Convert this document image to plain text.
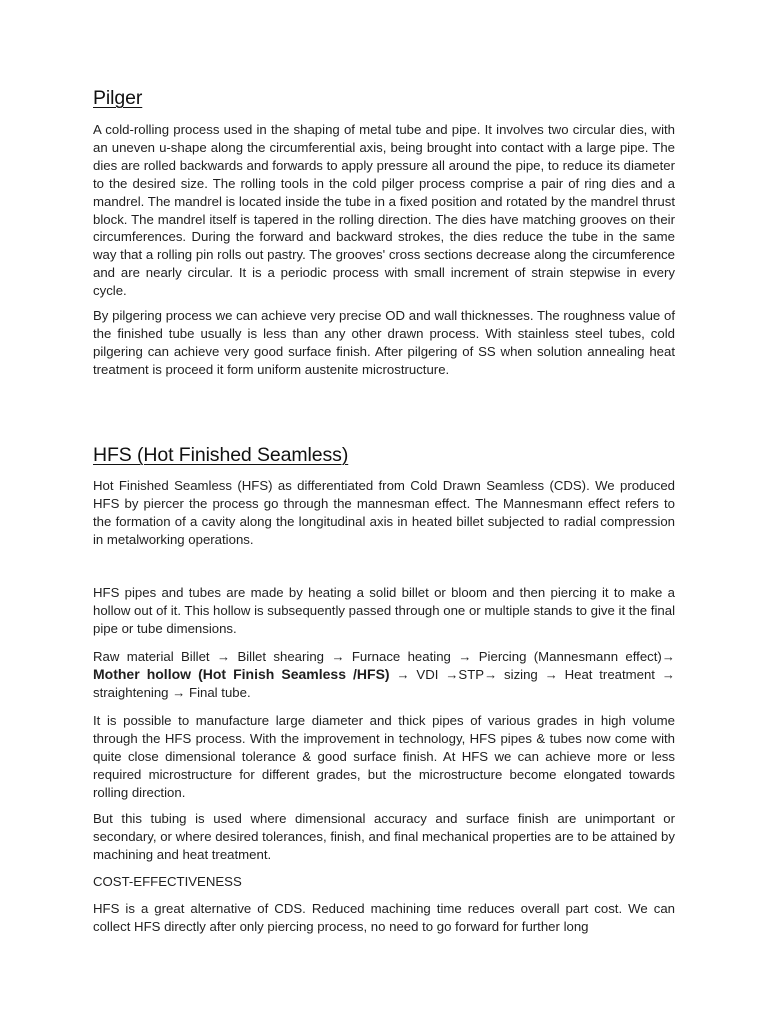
Pilger

A cold-rolling process used in the shaping of metal tube and pipe. It involves two circular dies, with an uneven u-shape along the circumferential axis, being brought into contact with a large pipe. The dies are rolled backwards and forwards to apply pressure all around the pipe, to reduce its diameter to the desired size. The rolling tools in the cold pilger process comprise a pair of ring dies and a mandrel. The mandrel is located inside the tube in a fixed position and rotated by the mandrel thrust block. The mandrel itself is tapered in the rolling direction. The dies have matching grooves on their circumferences. During the forward and backward strokes, the dies reduce the tube in the same way that a rolling pin rolls out pastry. The grooves' cross sections decrease along the circumference and are nearly circular. It is a periodic process with small increment of strain stepwise in every cycle.

By pilgering process we can achieve very precise OD and wall thicknesses. The roughness value of the finished tube usually is less than any other drawn process. With stainless steel tubes, cold pilgering can achieve very good surface finish. After pilgering of SS when solution annealing heat treatment is proceed it form uniform austenite microstructure.

HFS (Hot Finished Seamless)

Hot Finished Seamless (HFS) as differentiated from Cold Drawn Seamless (CDS). We produced HFS by piercer the process go through the mannesman effect. The Mannesmann effect refers to the formation of a cavity along the longitudinal axis in heated billet subjected to radial compression in metalworking operations.

HFS pipes and tubes are made by heating a solid billet or bloom and then piercing it to make a hollow out of it. This hollow is subsequently passed through one or multiple stands to give it the final pipe or tube dimensions.

Raw material Billet → Billet shearing → Furnace heating → Piercing (Mannesmann effect)→ Mother hollow (Hot Finish Seamless /HFS) → VDI →STP→ sizing → Heat treatment → straightening → Final tube.

It is possible to manufacture large diameter and thick pipes of various grades in high volume through the HFS process. With the improvement in technology, HFS pipes & tubes now come with quite close dimensional tolerance & good surface finish. At HFS we can achieve more or less required microstructure for different grades, but the microstructure become elongated towards rolling direction.

But this tubing is used where dimensional accuracy and surface finish are unimportant or secondary, or where desired tolerances, finish, and final mechanical properties are to be attained by machining and heat treatment.

COST-EFFECTIVENESS

HFS is a great alternative of CDS. Reduced machining time reduces overall part cost. We can collect HFS directly after only piercing process, no need to go forward for further long
